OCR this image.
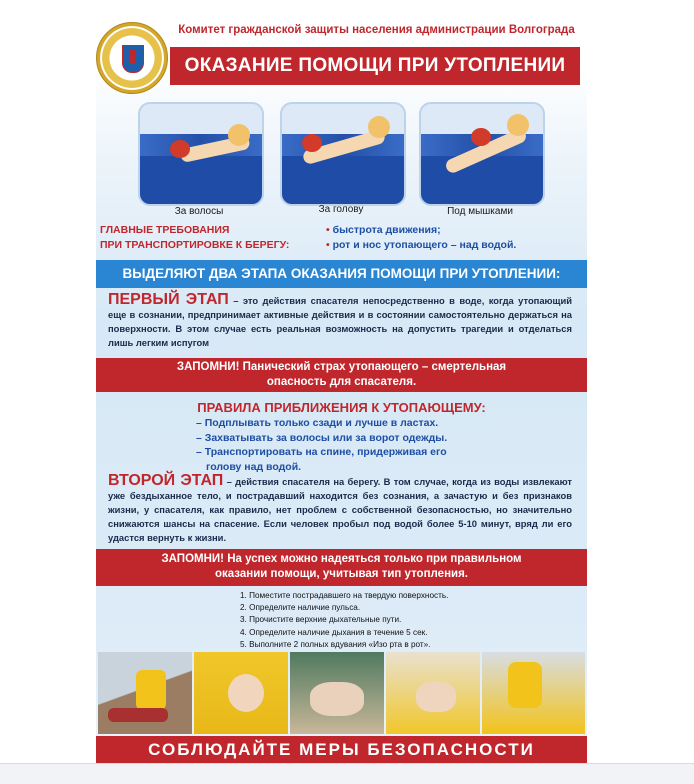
Комитет гражданской защиты населения администрации Волгограда
ОКАЗАНИЕ ПОМОЩИ ПРИ УТОПЛЕНИИ
За волосы	За голову	Под мышками
ГЛАВНЫЕ ТРЕБОВАНИЯ
ПРИ ТРАНСПОРТИРОВКЕ К БЕРЕГУ:
• быстрота движения;
• рот и нос утопающего – над водой.
ВЫДЕЛЯЮТ ДВА ЭТАПА ОКАЗАНИЯ ПОМОЩИ ПРИ УТОПЛЕНИИ:
ПЕРВЫЙ ЭТАП – это действия спасателя непосредственно в воде, когда утопающий еще в сознании, предпринимает активные действия и в состоянии самостоятельно держаться на поверхности. В этом случае есть реальная возможность на допустить трагедии и отделаться лишь легким испугом
ЗАПОМНИ! Панический страх утопающего – смертельная
опасность для спасателя.
ПРАВИЛА ПРИБЛИЖЕНИЯ К УТОПАЮЩЕМУ:
– Подплывать только сзади и лучше в ластах.
– Захватывать за волосы или за ворот одежды.
– Транспортировать на спине, придерживая его
голову над водой.
ВТОРОЙ ЭТАП – действия спасателя на берегу. В том случае, когда из воды извлекают уже бездыханное тело, и пострадавший находится без сознания, а зачастую и без признаков жизни, у спасателя, как правило, нет проблем с собственной безопасностью, но значительно снижаются шансы на спасение. Если человек пробыл под водой более 5-10 минут, вряд ли его удастся вернуть к жизни.
ЗАПОМНИ! На успех можно надеяться только при правильном
оказании помощи, учитывая тип утопления.
1. Поместите пострадавшего на твердую поверхность.
2. Определите наличие пульса.
3. Прочистите верхние дыхательные пути.
4. Определите наличие дыхания в течение 5 сек.
5. Выполните 2 полных вдувания «Изо рта в рот».
СОБЛЮДАЙТЕ МЕРЫ БЕЗОПАСНОСТИ
